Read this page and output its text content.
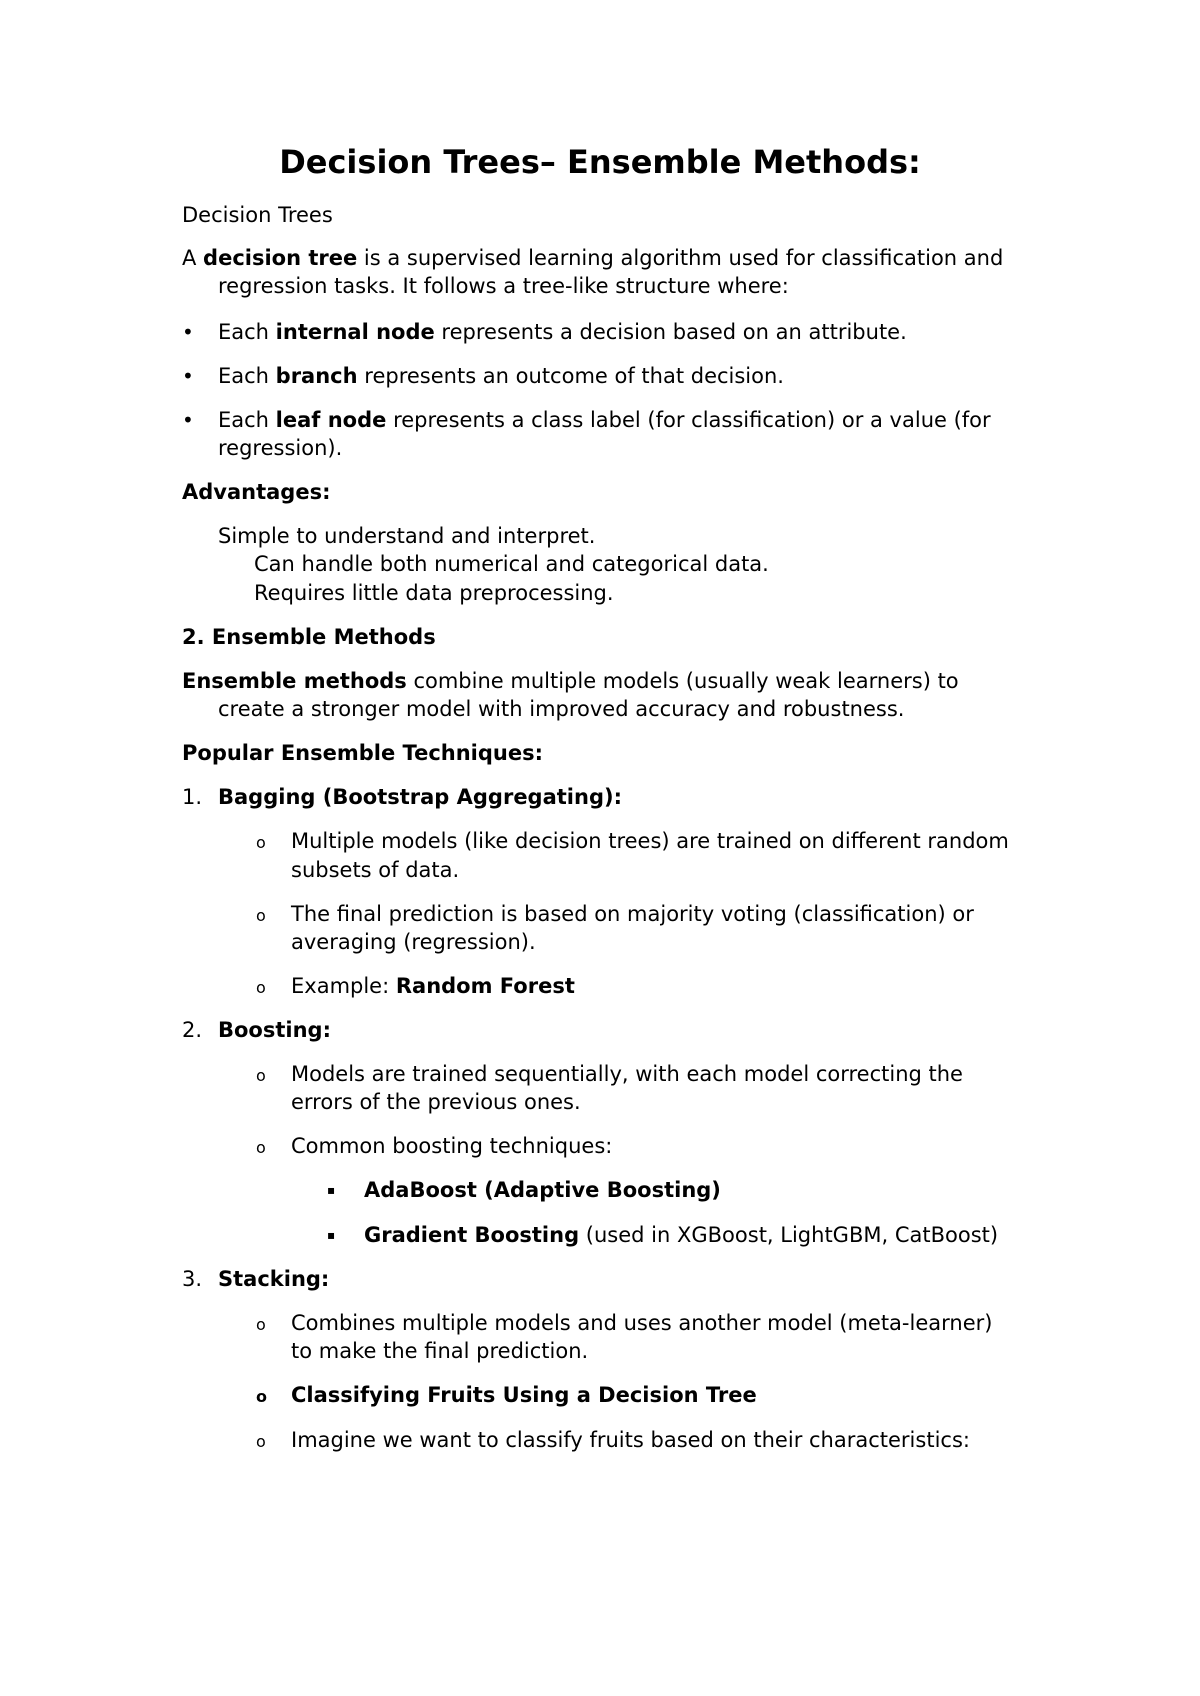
Decision Trees– Ensemble Methods:
Decision Trees
A decision tree is a supervised learning algorithm used for classification and
regression tasks. It follows a tree-like structure where:
• Each internal node represents a decision based on an attribute.
• Each branch represents an outcome of that decision.
• Each leaf node represents a class label (for classification) or a value (for
regression).
Advantages:
Simple to understand and interpret.
Can handle both numerical and categorical data.
Requires little data preprocessing.
2. Ensemble Methods
Ensemble methods combine multiple models (usually weak learners) to
create a stronger model with improved accuracy and robustness.
Popular Ensemble Techniques:
1. Bagging (Bootstrap Aggregating):
o Multiple models (like decision trees) are trained on different random
subsets of data.
o The final prediction is based on majority voting (classification) or
averaging (regression).
o Example: Random Forest
2. Boosting:
o Models are trained sequentially, with each model correcting the
errors of the previous ones.
o Common boosting techniques:
▪ AdaBoost (Adaptive Boosting)
▪ Gradient Boosting (used in XGBoost, LightGBM, CatBoost)
3. Stacking:
o Combines multiple models and uses another model (meta-learner)
to make the final prediction.
o Classifying Fruits Using a Decision Tree
o Imagine we want to classify fruits based on their characteristics:
